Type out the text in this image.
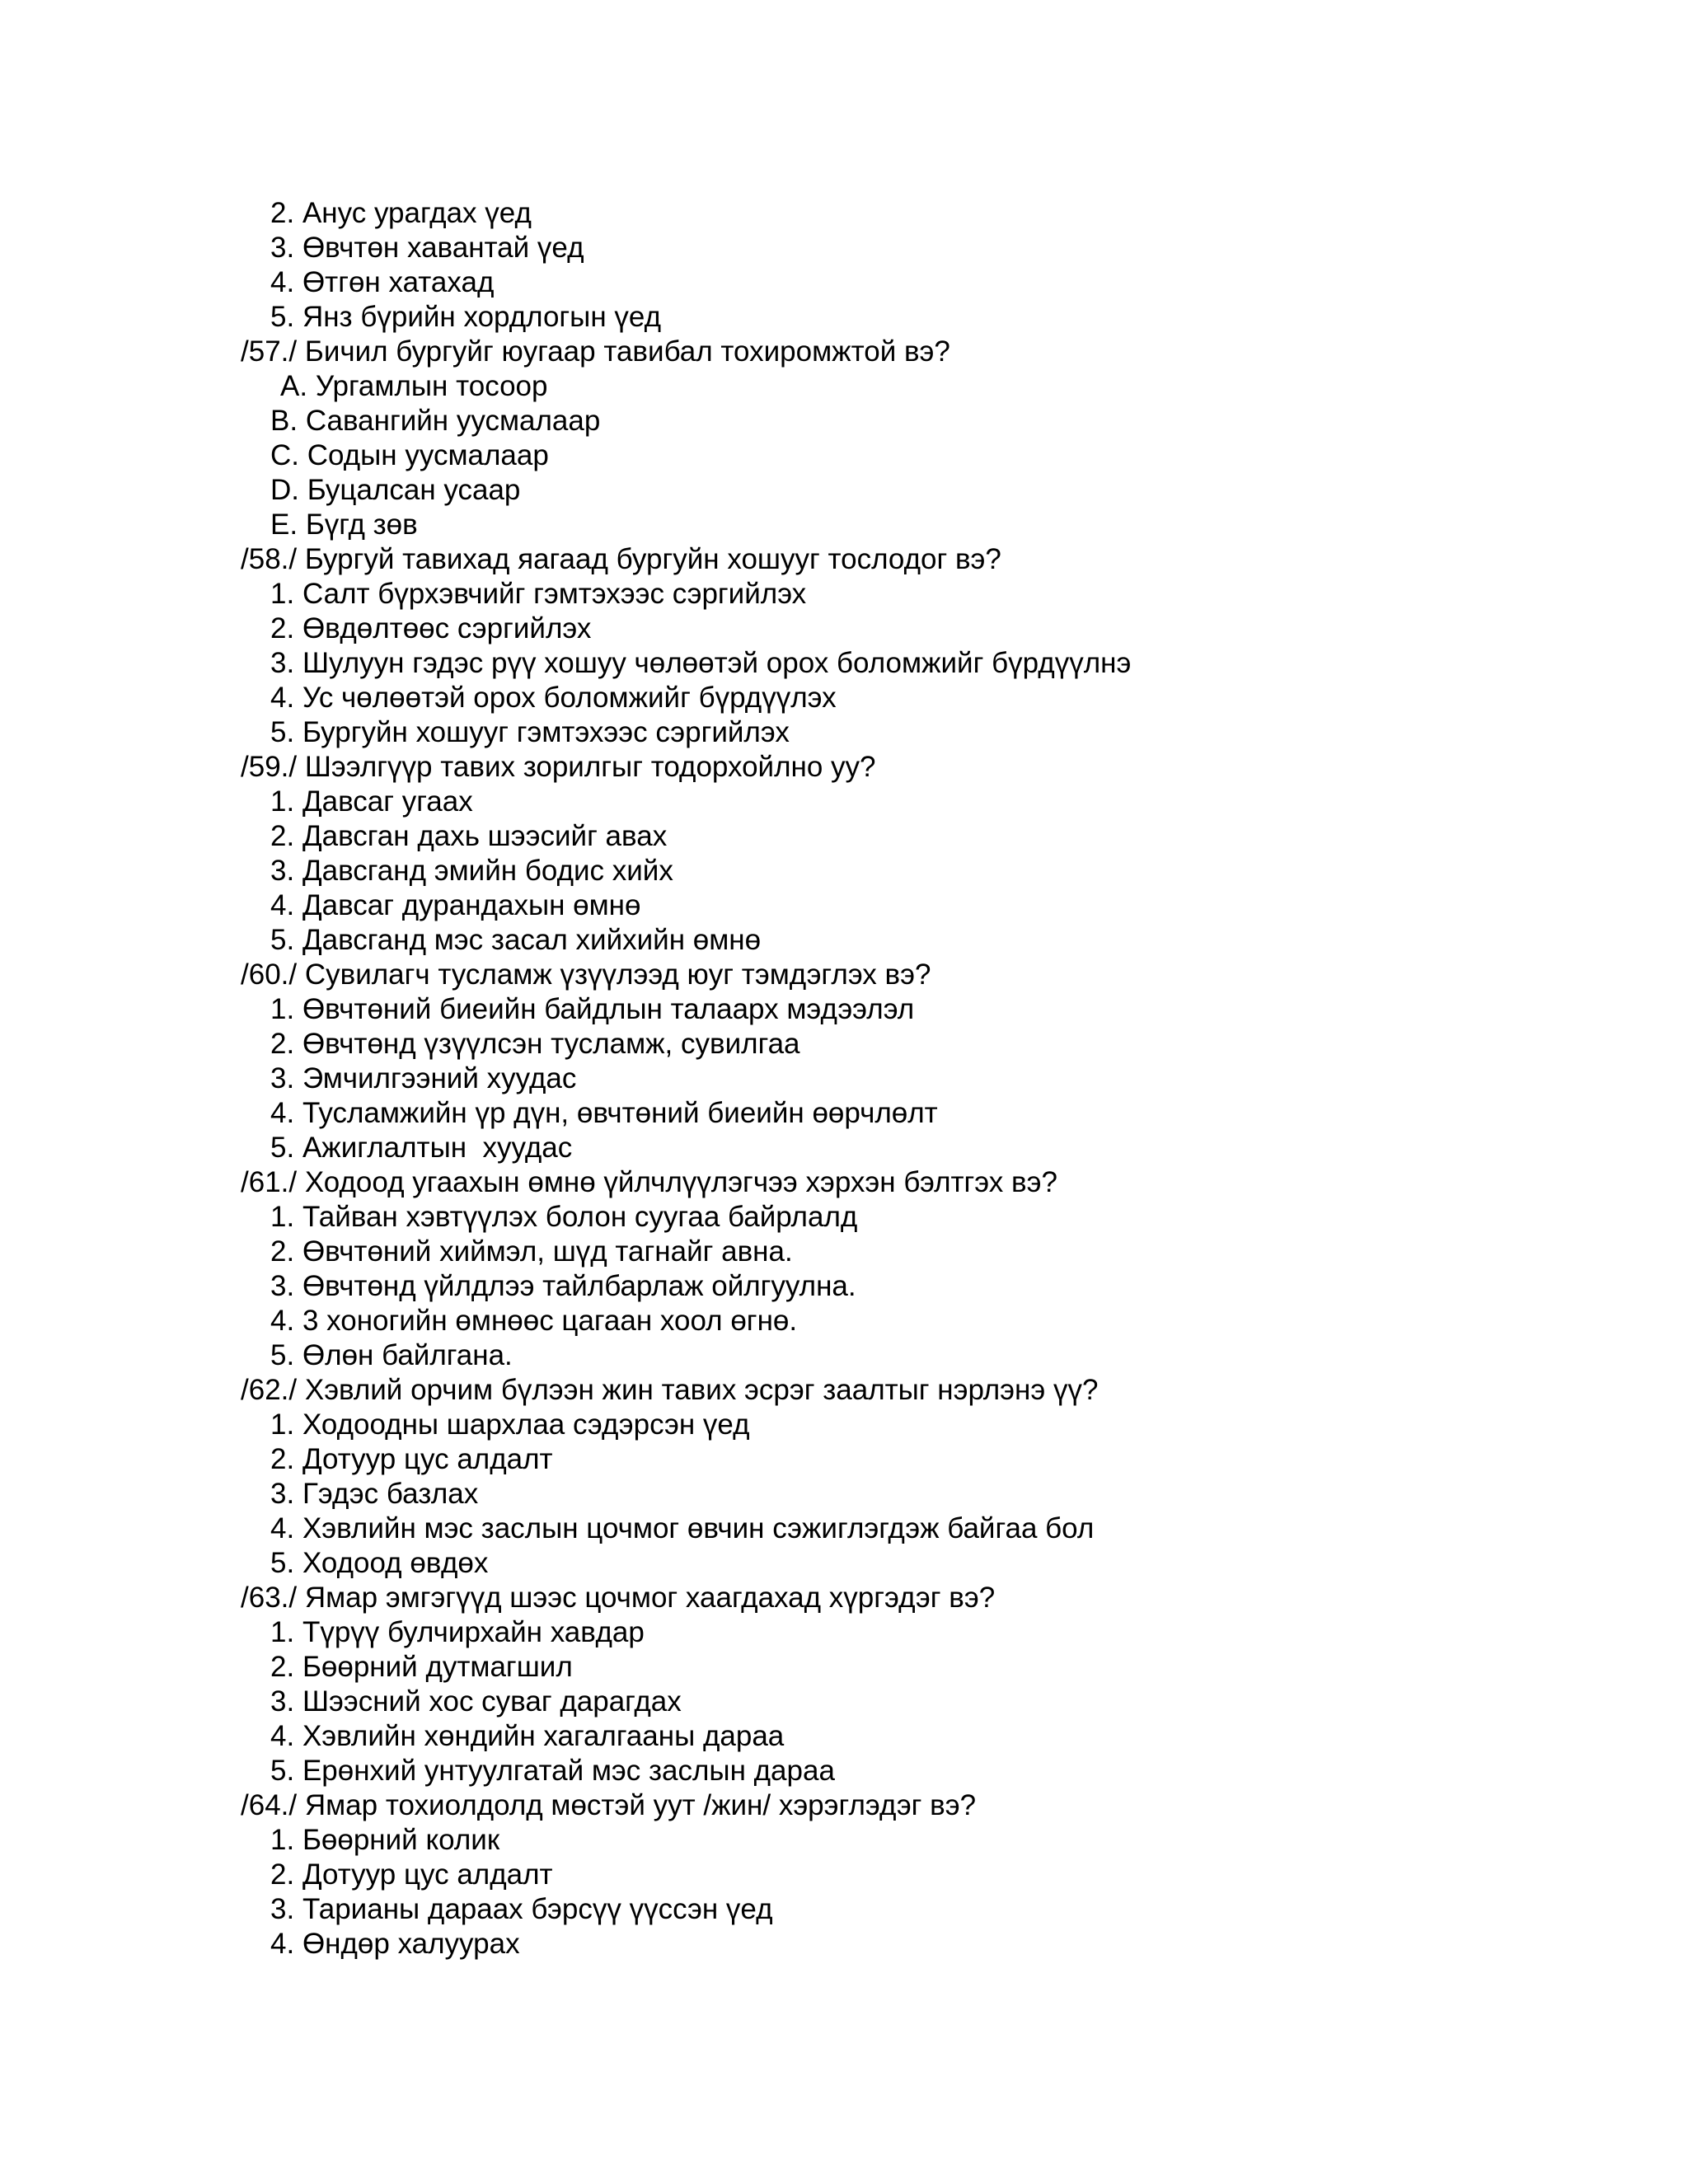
2. Анус урагдах үед
3. Өвчтөн хавантай үед
4. Өтгөн хатахад
5. Янз бүрийн хордлогын үед
/57./ Бичил бургуйг юугаар тавибал тохиромжтой вэ?
A. Ургамлын тосоор
B. Савангийн уусмалаар
C. Содын уусмалаар
D. Буцалсан усаар
E. Бүгд зөв
/58./ Бургуй тавихад яагаад бургуйн хошууг тослодог вэ?
1. Салт бүрхэвчийг гэмтэхээс сэргийлэх
2. Өвдөлтөөс сэргийлэх
3. Шулуун гэдэс рүү хошуу чөлөөтэй орох боломжийг бүрдүүлнэ
4. Ус чөлөөтэй орох боломжийг бүрдүүлэх
5. Бургуйн хошууг гэмтэхээс сэргийлэх
/59./ Шээлгүүр тавих зорилгыг тодорхойлно уу?
1. Давсаг угаах
2. Давсган дахь шээсийг авах
3. Давсганд эмийн бодис хийх
4. Давсаг дурандахын өмнө
5. Давсганд мэс засал хийхийн өмнө
/60./ Сувилагч тусламж үзүүлээд юуг тэмдэглэх вэ?
1. Өвчтөний биеийн байдлын талаарх мэдээлэл
2. Өвчтөнд үзүүлсэн тусламж, сувилгаа
3. Эмчилгээний хуудас
4. Тусламжийн үр дүн, өвчтөний биеийн өөрчлөлт
5. Ажиглалтын  хуудас
/61./ Ходоод угаахын өмнө үйлчлүүлэгчээ хэрхэн бэлтгэх вэ?
1. Тайван хэвтүүлэх болон суугаа байрлалд
2. Өвчтөний хиймэл, шүд тагнайг авна.
3. Өвчтөнд үйлдлээ тайлбарлаж ойлгуулна.
4. 3 хоногийн өмнөөс цагаан хоол өгнө.
5. Өлөн байлгана.
/62./ Хэвлий орчим бүлээн жин тавих эсрэг заалтыг нэрлэнэ үү?
1. Ходоодны шархлаа сэдэрсэн үед
2. Дотуур цус алдалт
3. Гэдэс базлах
4. Хэвлийн мэс заслын цочмог өвчин сэжиглэгдэж байгаа бол
5. Ходоод өвдөх
/63./ Ямар эмгэгүүд шээс цочмог хаагдахад хүргэдэг вэ?
1. Түрүү булчирхайн хавдар
2. Бөөрний дутмагшил
3. Шээсний хос суваг дарагдах
4. Хэвлийн хөндийн хагалгааны дараа
5. Ерөнхий унтуулгатай мэс заслын дараа
/64./ Ямар тохиолдолд мөстэй уут /жин/ хэрэглэдэг вэ?
1. Бөөрний колик
2. Дотуур цус алдалт
3. Тарианы дараах бэрсүү үүссэн үед
4. Өндөр халуурах
